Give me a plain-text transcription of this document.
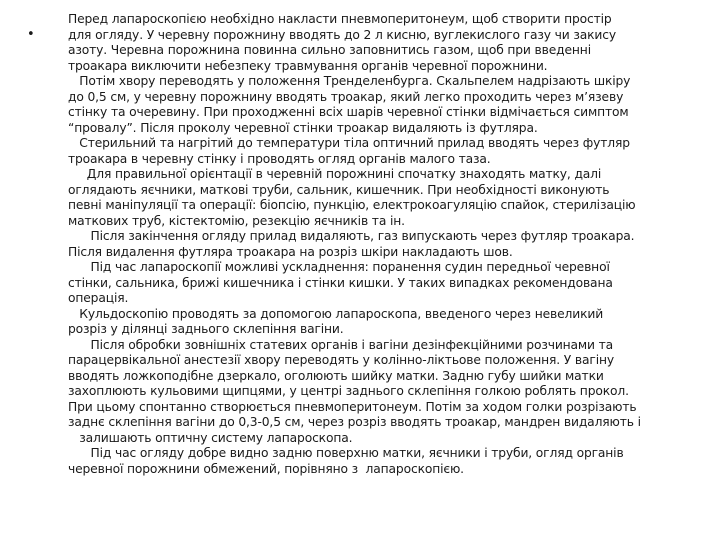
•
Перед лапароскопією необхідно накласти пневмоперитонеум, щоб створити простір
для огляду. У черевну порожнину вводять до 2 л кисню, вуглекислого газу чи закису
азоту. Черевна порожнина повинна сильно заповнитись газом, щоб при введенні
троакара виключити небезпеку травмування органів черевної порожнини.
Потім хвору переводять у положення Тренделенбурга. Скальпелем надрізають шкіру
до 0,5 см, у черевну порожнину вводять троакар, який легко проходить через м’язеву
стінку та очеревину. При проходженні всіх шарів черевної стінки відмічається симптом
“провалу”. Після проколу черевної стінки троакар видаляють із футляра.
Стерильний та нагрітий до температури тіла оптичний прилад вводять через футляр
троакара в черевну стінку і проводять огляд органів малого таза.
Для правильної орієнтації в черевній порожнині спочатку знаходять матку, далі
оглядають яєчники, маткові труби, сальник, кишечник. При необхідності виконують
певні маніпуляції та операції: біопсію, пункцію, електрокоагуляцію спайок, стерилізацію
маткових труб, кістектомію, резекцію яєчників та ін.
Після закінчення огляду прилад видаляють, газ випускають через футляр троакара.
Після видалення футляра троакара на розріз шкіри накладають шов.
Під час лапароскопії можливі ускладнення: поранення судин передньої черевної
стінки, сальника, брижі кишечника і стінки кишки. У таких випадках рекомендована
операція.
Кульдоскопію проводять за допомогою лапароскопа, введеного через невеликий
розріз у ділянці заднього склепіння вагіни.
Після обробки зовнішніх статевих органів і вагіни дезінфекційними розчинами та
парацервікальної анестезії хвору переводять у колінно-ліктьове положення. У вагіну
вводять ложкоподібне дзеркало, оголюють шийку матки. Задню губу шийки матки
захоплюють кульовими щипцями, у центрі заднього склепіння голкою роблять прокол.
При цьому спонтанно створюється пневмоперитонеум. Потім за ходом голки розрізають
заднє склепіння вагіни до 0,3-0,5 см, через розріз вводять троакар, мандрен видаляють і
залишають оптичну систему лапароскопа.
Під час огляду добре видно задню поверхню матки, яєчники і труби, огляд органів
черевної порожнини обмежений, порівняно з  лапароскопією.
